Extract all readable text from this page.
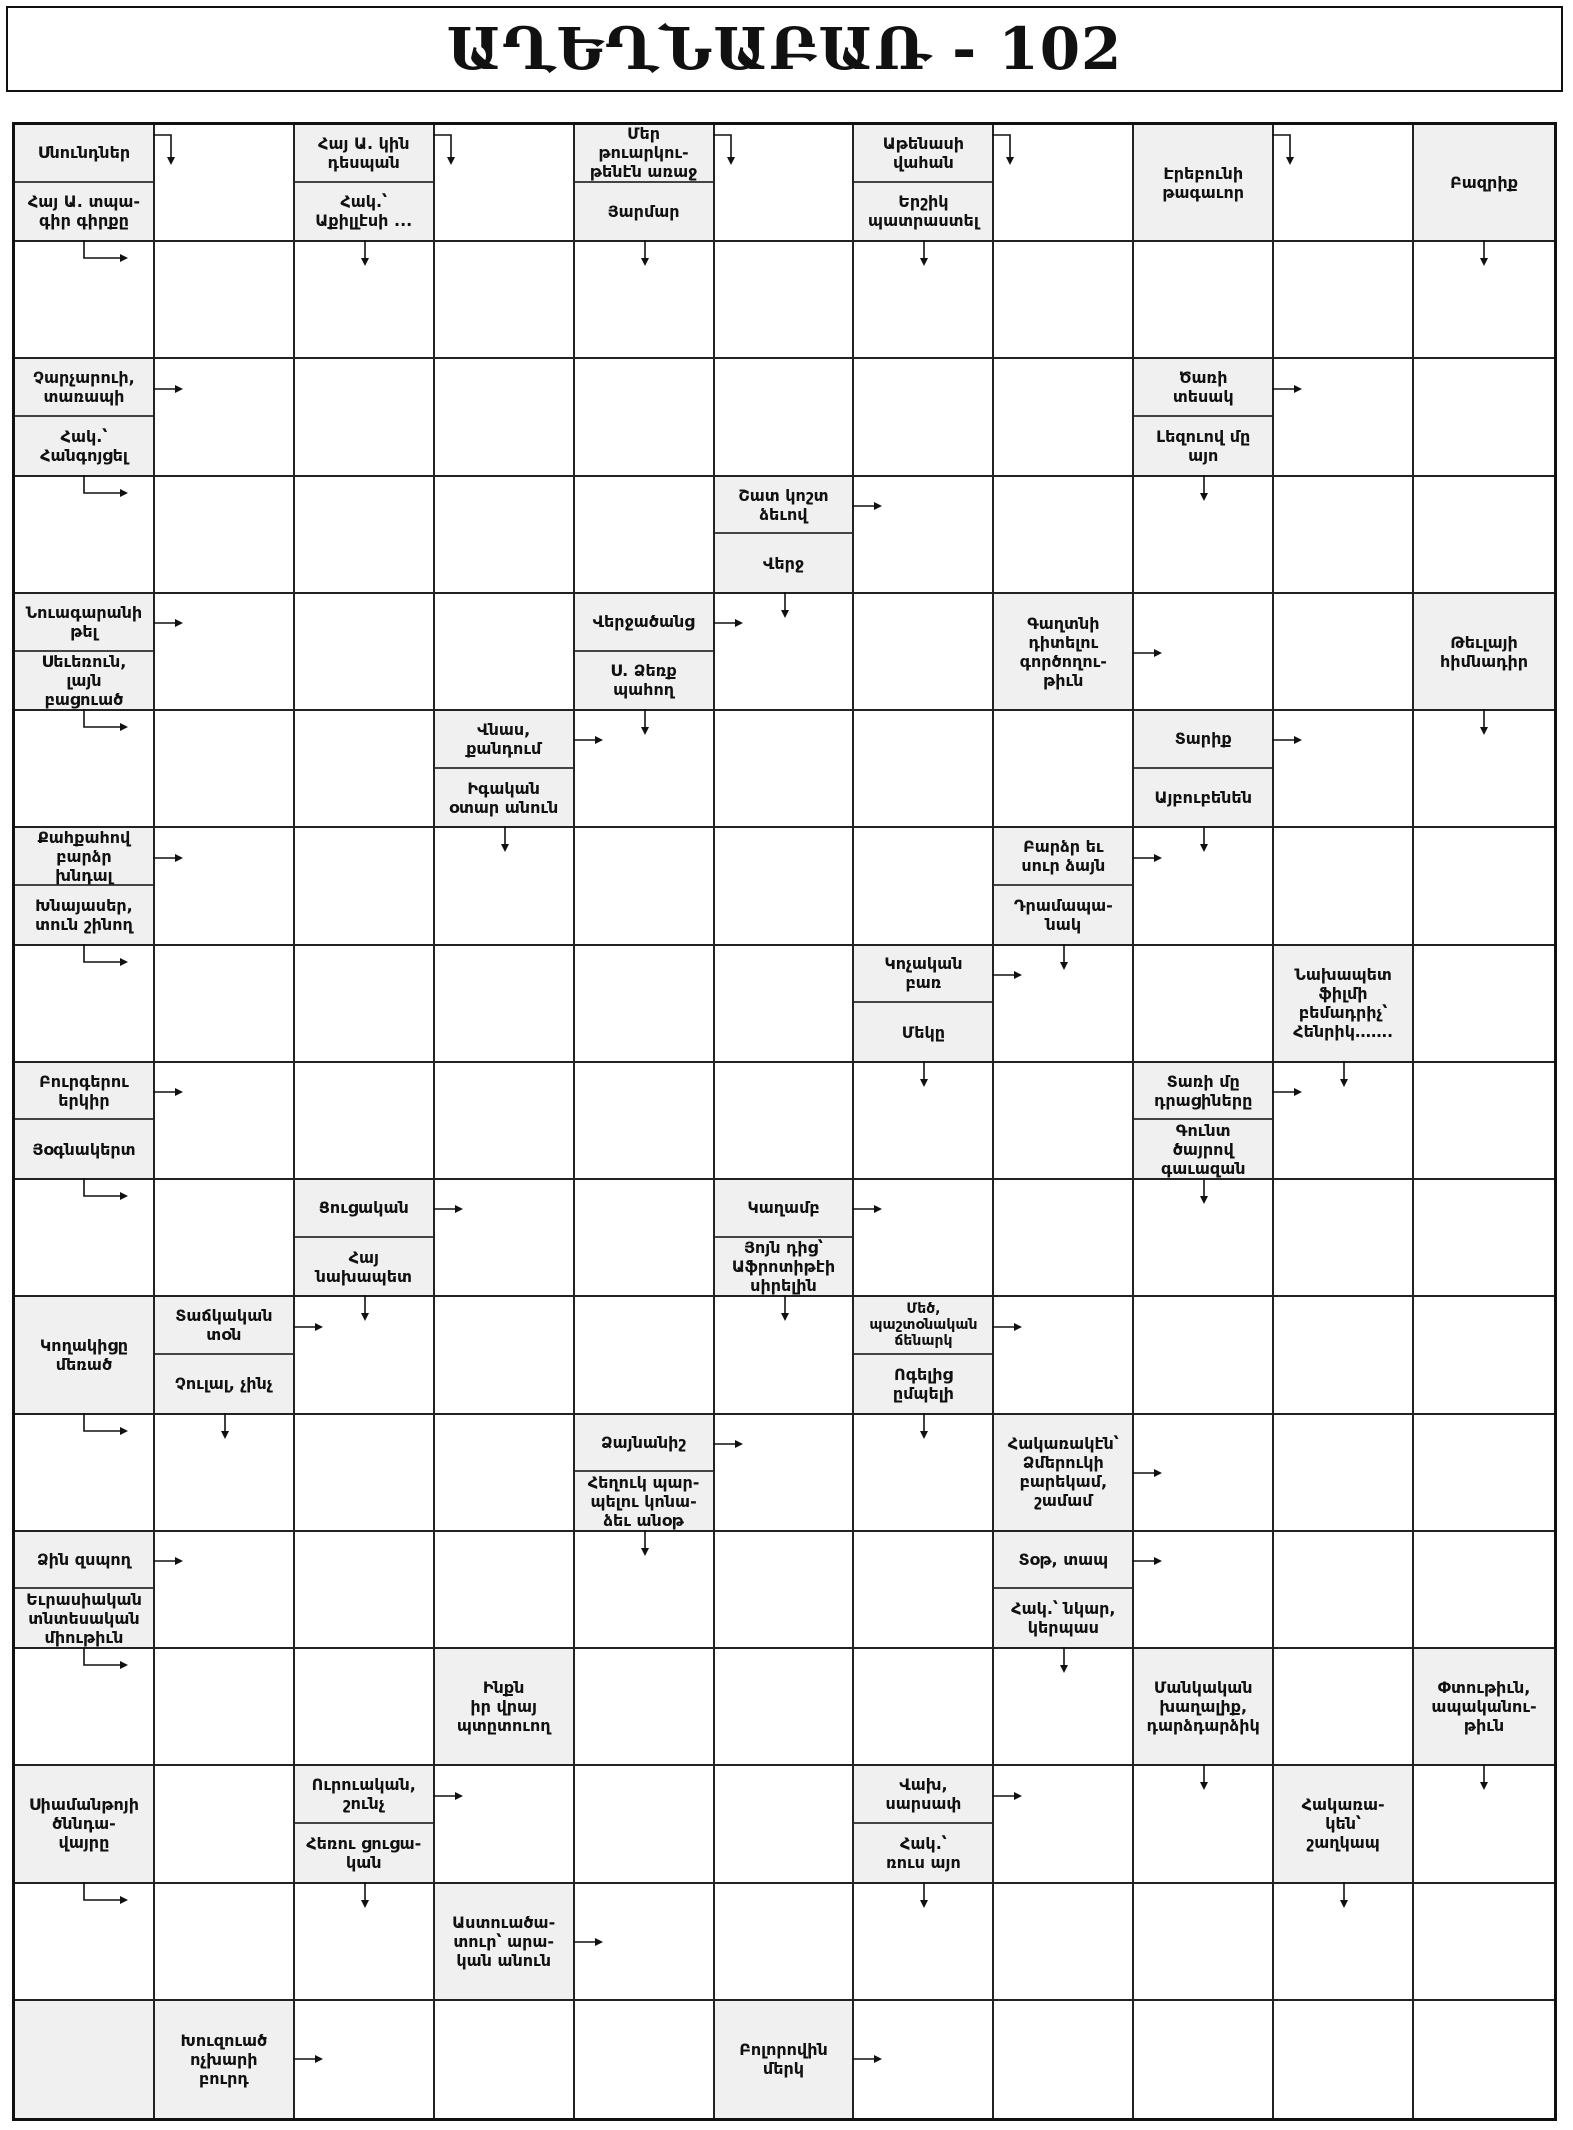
ԱՂԵՂՆԱԲԱՌ - 102
Սնունդներ
Հայ Ա. տպա-
գիր գիրքը
Հայ Ա. կին
դեսպան
Հակ.՝
Աքիլլէսի ...
Մեր
թուարկու-
թենէն առաջ
Յարմար
Աթենասի
վահան
Երշիկ
պատրաստել
Էրեբունի
թագաւոր	Բազրիք
Չարչարուի,
տառապի
Հակ.՝
Հանգոյցել
Ծառի
տեսակ
Լեզուով մը
այո
Շատ կոշտ
ձեւով
Վերջ
Նուագարանի
թել
Սեւեռուն,
լայն
բացուած
Վերջածանց
Ս. Ձեռք
պահող
Գաղտնի
դիտելու
գործողու-
թիւն
Թեւլայի
հիմնադիր
Վնաս,
քանդում
Իգական
օտար անուն
Տարիք
Այբուբենեն
Քահքահով
բարձր
խնդալ
Խնայասեր,
տուն շինող
Բարձր եւ
սուր ձայն
Դրամապա-
նակ
Կոչական
բառ
Մեկը
Նախապետ
ֆիլմի
բեմադրիչ՝
Հենրիկ…….
Բուրգերու
երկիր
Յօգնակերտ
Տառի մը
դրացիները
Գունտ
ծայրով
գաւազան
Ցուցական
Հայ
նախապետ
Կաղամբ
Յոյն դից՝
Աֆրոտիթէի
սիրելին
Կողակիցը
մեռած
Տաճկական
տօն
Չուլալ, չինչ
Մեծ,
պաշտօնական
ճենարկ
Ոգելից
ըմպելի
Ձայնանիշ
Հեղուկ պար-
պելու կոնա-
ձեւ անօթ
Հակառակէն՝
Ձմերուկի
բարեկամ,
շամամ
Ձին զսպող
Եւրասիական
տնտեսական
միութիւն
Տօթ, տապ
Հակ.՝ նկար,
կերպաս
Ինքն
իր վրայ
պտըտուող
Մանկական
խաղալիք,
դարձդարձիկ
Փտութիւն,
ապականու-
թիւն
Սիամանթոյի
ծննդա-
վայրը
Ուրուական,
շունչ
Հեռու ցուցա-
կան
Վախ,
սարսափ
Հակ.՝
ռուս այո
Հակառա-
կեն՝
շաղկապ
Աստուածա-
տուր՝ արա-
կան անուն
Խուզուած
ոչխարի
բուրդ
Բոլորովին
մերկ
